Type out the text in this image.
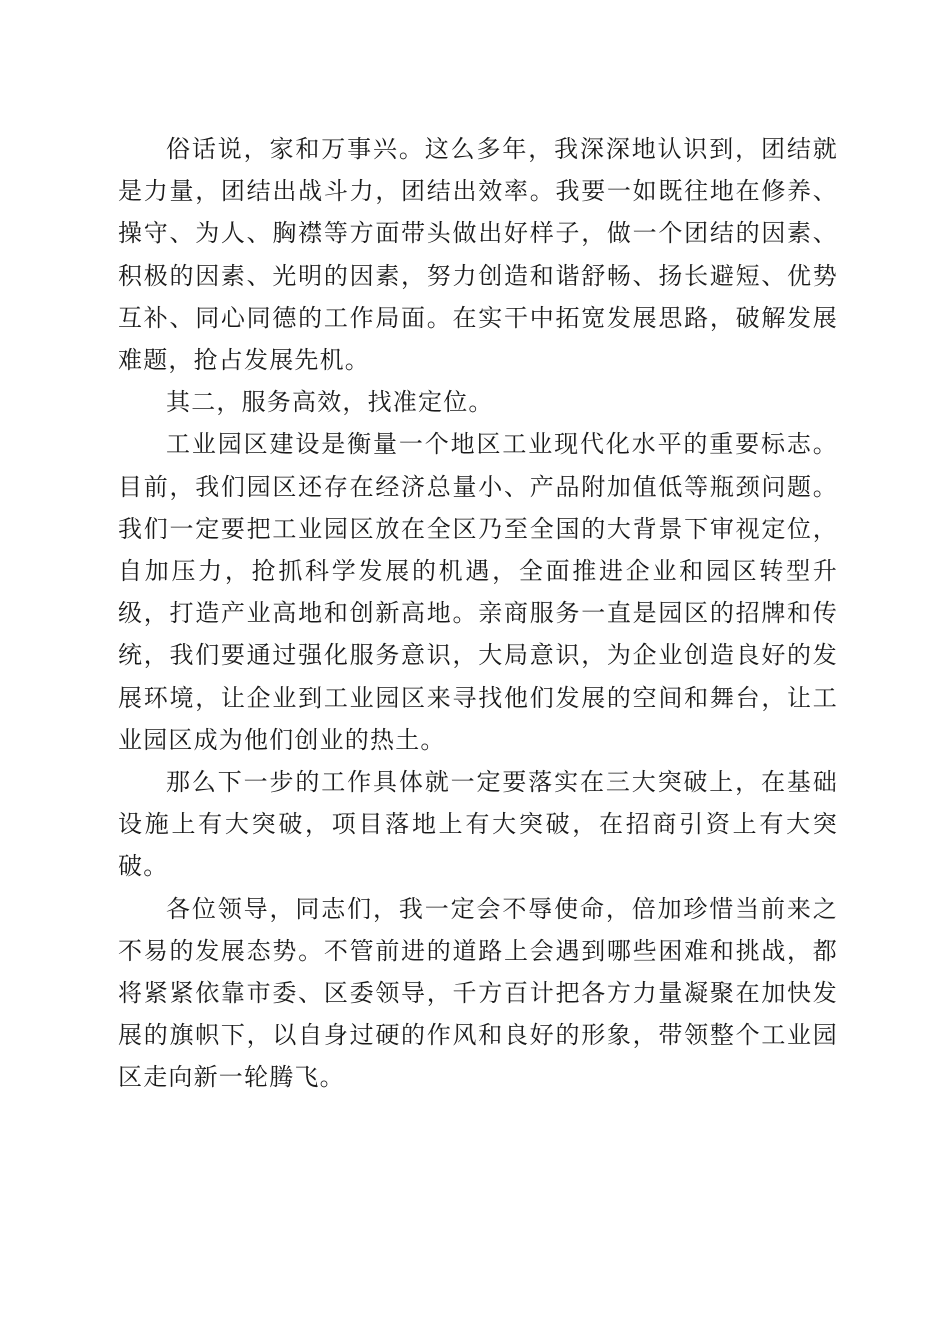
俗话说，家和万事兴。这么多年，我深深地认识到，团结就是力量，团结出战斗力，团结出效率。我要一如既往地在修养、操守、为人、胸襟等方面带头做出好样子，做一个团结的因素、积极的因素、光明的因素，努力创造和谐舒畅、扬长避短、优势互补、同心同德的工作局面。在实干中拓宽发展思路，破解发展难题，抢占发展先机。

其二，服务高效，找准定位。

工业园区建设是衡量一个地区工业现代化水平的重要标志。目前，我们园区还存在经济总量小、产品附加值低等瓶颈问题。我们一定要把工业园区放在全区乃至全国的大背景下审视定位，自加压力，抢抓科学发展的机遇，全面推进企业和园区转型升级，打造产业高地和创新高地。亲商服务一直是园区的招牌和传统，我们要通过强化服务意识，大局意识，为企业创造良好的发展环境，让企业到工业园区来寻找他们发展的空间和舞台，让工业园区成为他们创业的热土。

那么下一步的工作具体就一定要落实在三大突破上，在基础设施上有大突破，项目落地上有大突破，在招商引资上有大突破。

各位领导，同志们，我一定会不辱使命，倍加珍惜当前来之不易的发展态势。不管前进的道路上会遇到哪些困难和挑战，都将紧紧依靠市委、区委领导，千方百计把各方力量凝聚在加快发展的旗帜下，以自身过硬的作风和良好的形象，带领整个工业园区走向新一轮腾飞。
